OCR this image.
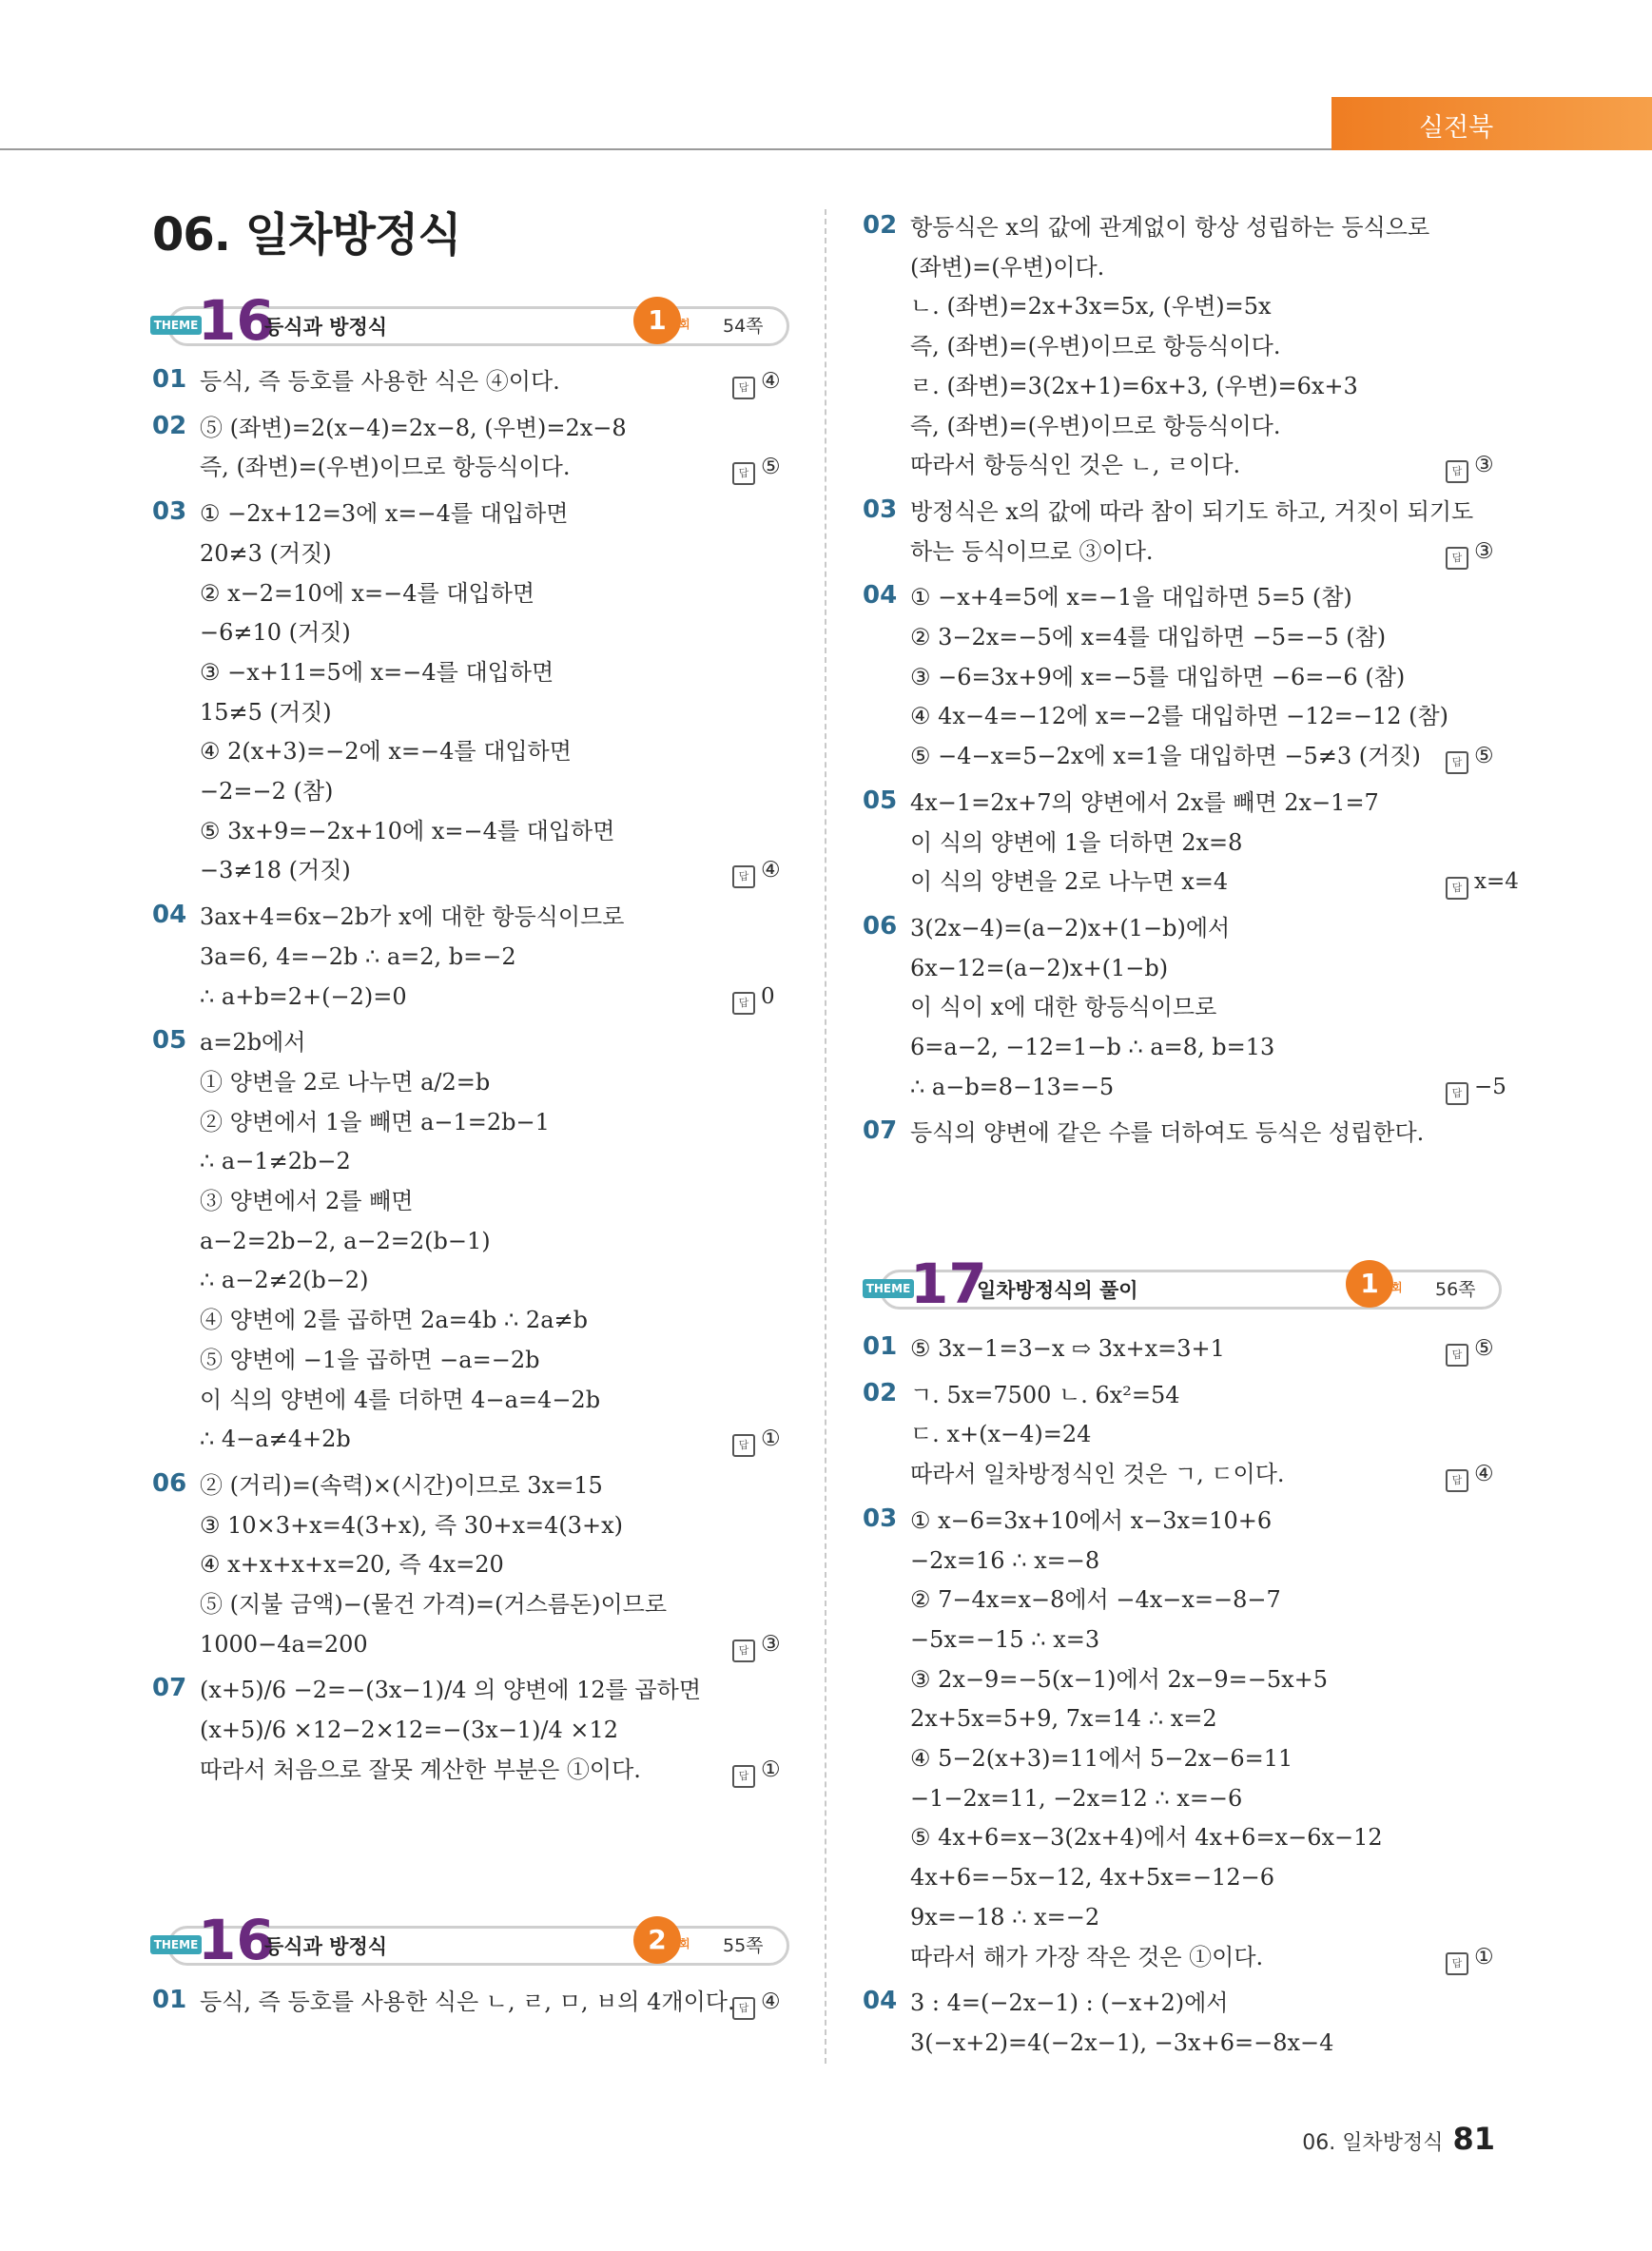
실전북
06. 일차방정식
THEME 16
등식과 방정식	1	회 54쪽
THEME 16
등식과 방정식	2	회 55쪽
THEME 17
일차방정식의 풀이	1	회 56쪽
01 등식, 즉 등호를 사용한 식은 ④이다.	답 ④
02 ⑤ (좌변)=2(x−4)=2x−8, (우변)=2x−8
즉, (좌변)=(우변)이므로 항등식이다.	답 ⑤
03 ① −2x+12=3에 x=−4를 대입하면
20≠3 (거짓)
② x−2=10에 x=−4를 대입하면
−6≠10 (거짓)
③ −x+11=5에 x=−4를 대입하면
15≠5 (거짓)
④ 2(x+3)=−2에 x=−4를 대입하면
−2=−2 (참)
⑤ 3x+9=−2x+10에 x=−4를 대입하면
−3≠18 (거짓)	답 ④
04 3ax+4=6x−2b가 x에 대한 항등식이므로
3a=6, 4=−2b ∴ a=2, b=−2
∴ a+b=2+(−2)=0	답 0
05 a=2b에서
① 양변을 2로 나누면 a/2=b
② 양변에서 1을 빼면 a−1=2b−1
∴ a−1≠2b−2
③ 양변에서 2를 빼면
a−2=2b−2, a−2=2(b−1)
∴ a−2≠2(b−2)
④ 양변에 2를 곱하면 2a=4b ∴ 2a≠b
⑤ 양변에 −1을 곱하면 −a=−2b
이 식의 양변에 4를 더하면 4−a=4−2b
∴ 4−a≠4+2b	답 ①
06 ② (거리)=(속력)×(시간)이므로 3x=15
③ 10×3+x=4(3+x), 즉 30+x=4(3+x)
④ x+x+x+x=20, 즉 4x=20
⑤ (지불 금액)−(물건 가격)=(거스름돈)이므로
1000−4a=200	답 ③
07 (x+5)/6 −2=−(3x−1)/4 의 양변에 12를 곱하면
(x+5)/6 ×12−2×12=−(3x−1)/4 ×12
따라서 처음으로 잘못 계산한 부분은 ①이다.	답 ①
01 등식, 즉 등호를 사용한 식은 ㄴ, ㄹ, ㅁ, ㅂ의 4개이다. 답 ④
02 항등식은 x의 값에 관계없이 항상 성립하는 등식으로
(좌변)=(우변)이다.
ㄴ. (좌변)=2x+3x=5x, (우변)=5x
즉, (좌변)=(우변)이므로 항등식이다.
ㄹ. (좌변)=3(2x+1)=6x+3, (우변)=6x+3
즉, (좌변)=(우변)이므로 항등식이다.
따라서 항등식인 것은 ㄴ, ㄹ이다.	답 ③
03 방정식은 x의 값에 따라 참이 되기도 하고, 거짓이 되기도
하는 등식이므로 ③이다.	답 ③
04 ① −x+4=5에 x=−1을 대입하면 5=5 (참)
② 3−2x=−5에 x=4를 대입하면 −5=−5 (참)
③ −6=3x+9에 x=−5를 대입하면 −6=−6 (참)
④ 4x−4=−12에 x=−2를 대입하면 −12=−12 (참)
⑤ −4−x=5−2x에 x=1을 대입하면 −5≠3 (거짓)	답 ⑤
05 4x−1=2x+7의 양변에서 2x를 빼면 2x−1=7
이 식의 양변에 1을 더하면 2x=8
이 식의 양변을 2로 나누면 x=4	답 x=4
06 3(2x−4)=(a−2)x+(1−b)에서
6x−12=(a−2)x+(1−b)
이 식이 x에 대한 항등식이므로
6=a−2, −12=1−b ∴ a=8, b=13
∴ a−b=8−13=−5	답 −5
07 등식의 양변에 같은 수를 더하여도 등식은 성립한다.
01 ⑤ 3x−1=3−x ⇨ 3x+x=3+1	답 ⑤
02 ㄱ. 5x=7500 ㄴ. 6x²=54
ㄷ. x+(x−4)=24
따라서 일차방정식인 것은 ㄱ, ㄷ이다.	답 ④
03 ① x−6=3x+10에서 x−3x=10+6
−2x=16 ∴ x=−8
② 7−4x=x−8에서 −4x−x=−8−7
−5x=−15 ∴ x=3
③ 2x−9=−5(x−1)에서 2x−9=−5x+5
2x+5x=5+9, 7x=14 ∴ x=2
④ 5−2(x+3)=11에서 5−2x−6=11
−1−2x=11, −2x=12 ∴ x=−6
⑤ 4x+6=x−3(2x+4)에서 4x+6=x−6x−12
4x+6=−5x−12, 4x+5x=−12−6
9x=−18 ∴ x=−2
따라서 해가 가장 작은 것은 ①이다.	답 ①
04 3 : 4=(−2x−1) : (−x+2)에서
3(−x+2)=4(−2x−1), −3x+6=−8x−4
06. 일차방정식 81
